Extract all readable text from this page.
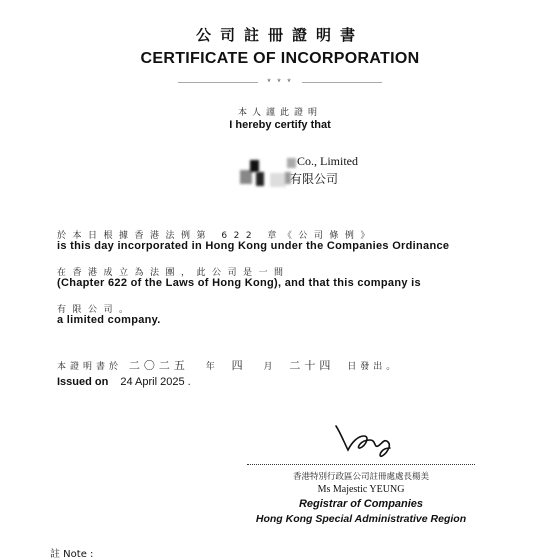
公司註冊證明書
CERTIFICATE OF INCORPORATION
* * *
本人謹此證明
I hereby certify that
Co., Limited
有限公司
於本日根據香港法例第 622 章《公司條例》
is this day incorporated in Hong Kong under the Companies Ordinance
在香港成立為法團，此公司是一間
(Chapter 622 of the Laws of Hong Kong), and that this company is
有限公司。
a limited company.
本證明書於 二〇二五 年 四 月 二十四 日發出。
Issued on 24 April 2025 .
香港特別行政區公司註冊處處長楊美
Ms Majestic YEUNG
Registrar of Companies
Hong Kong Special Administrative Region
註 Note :
